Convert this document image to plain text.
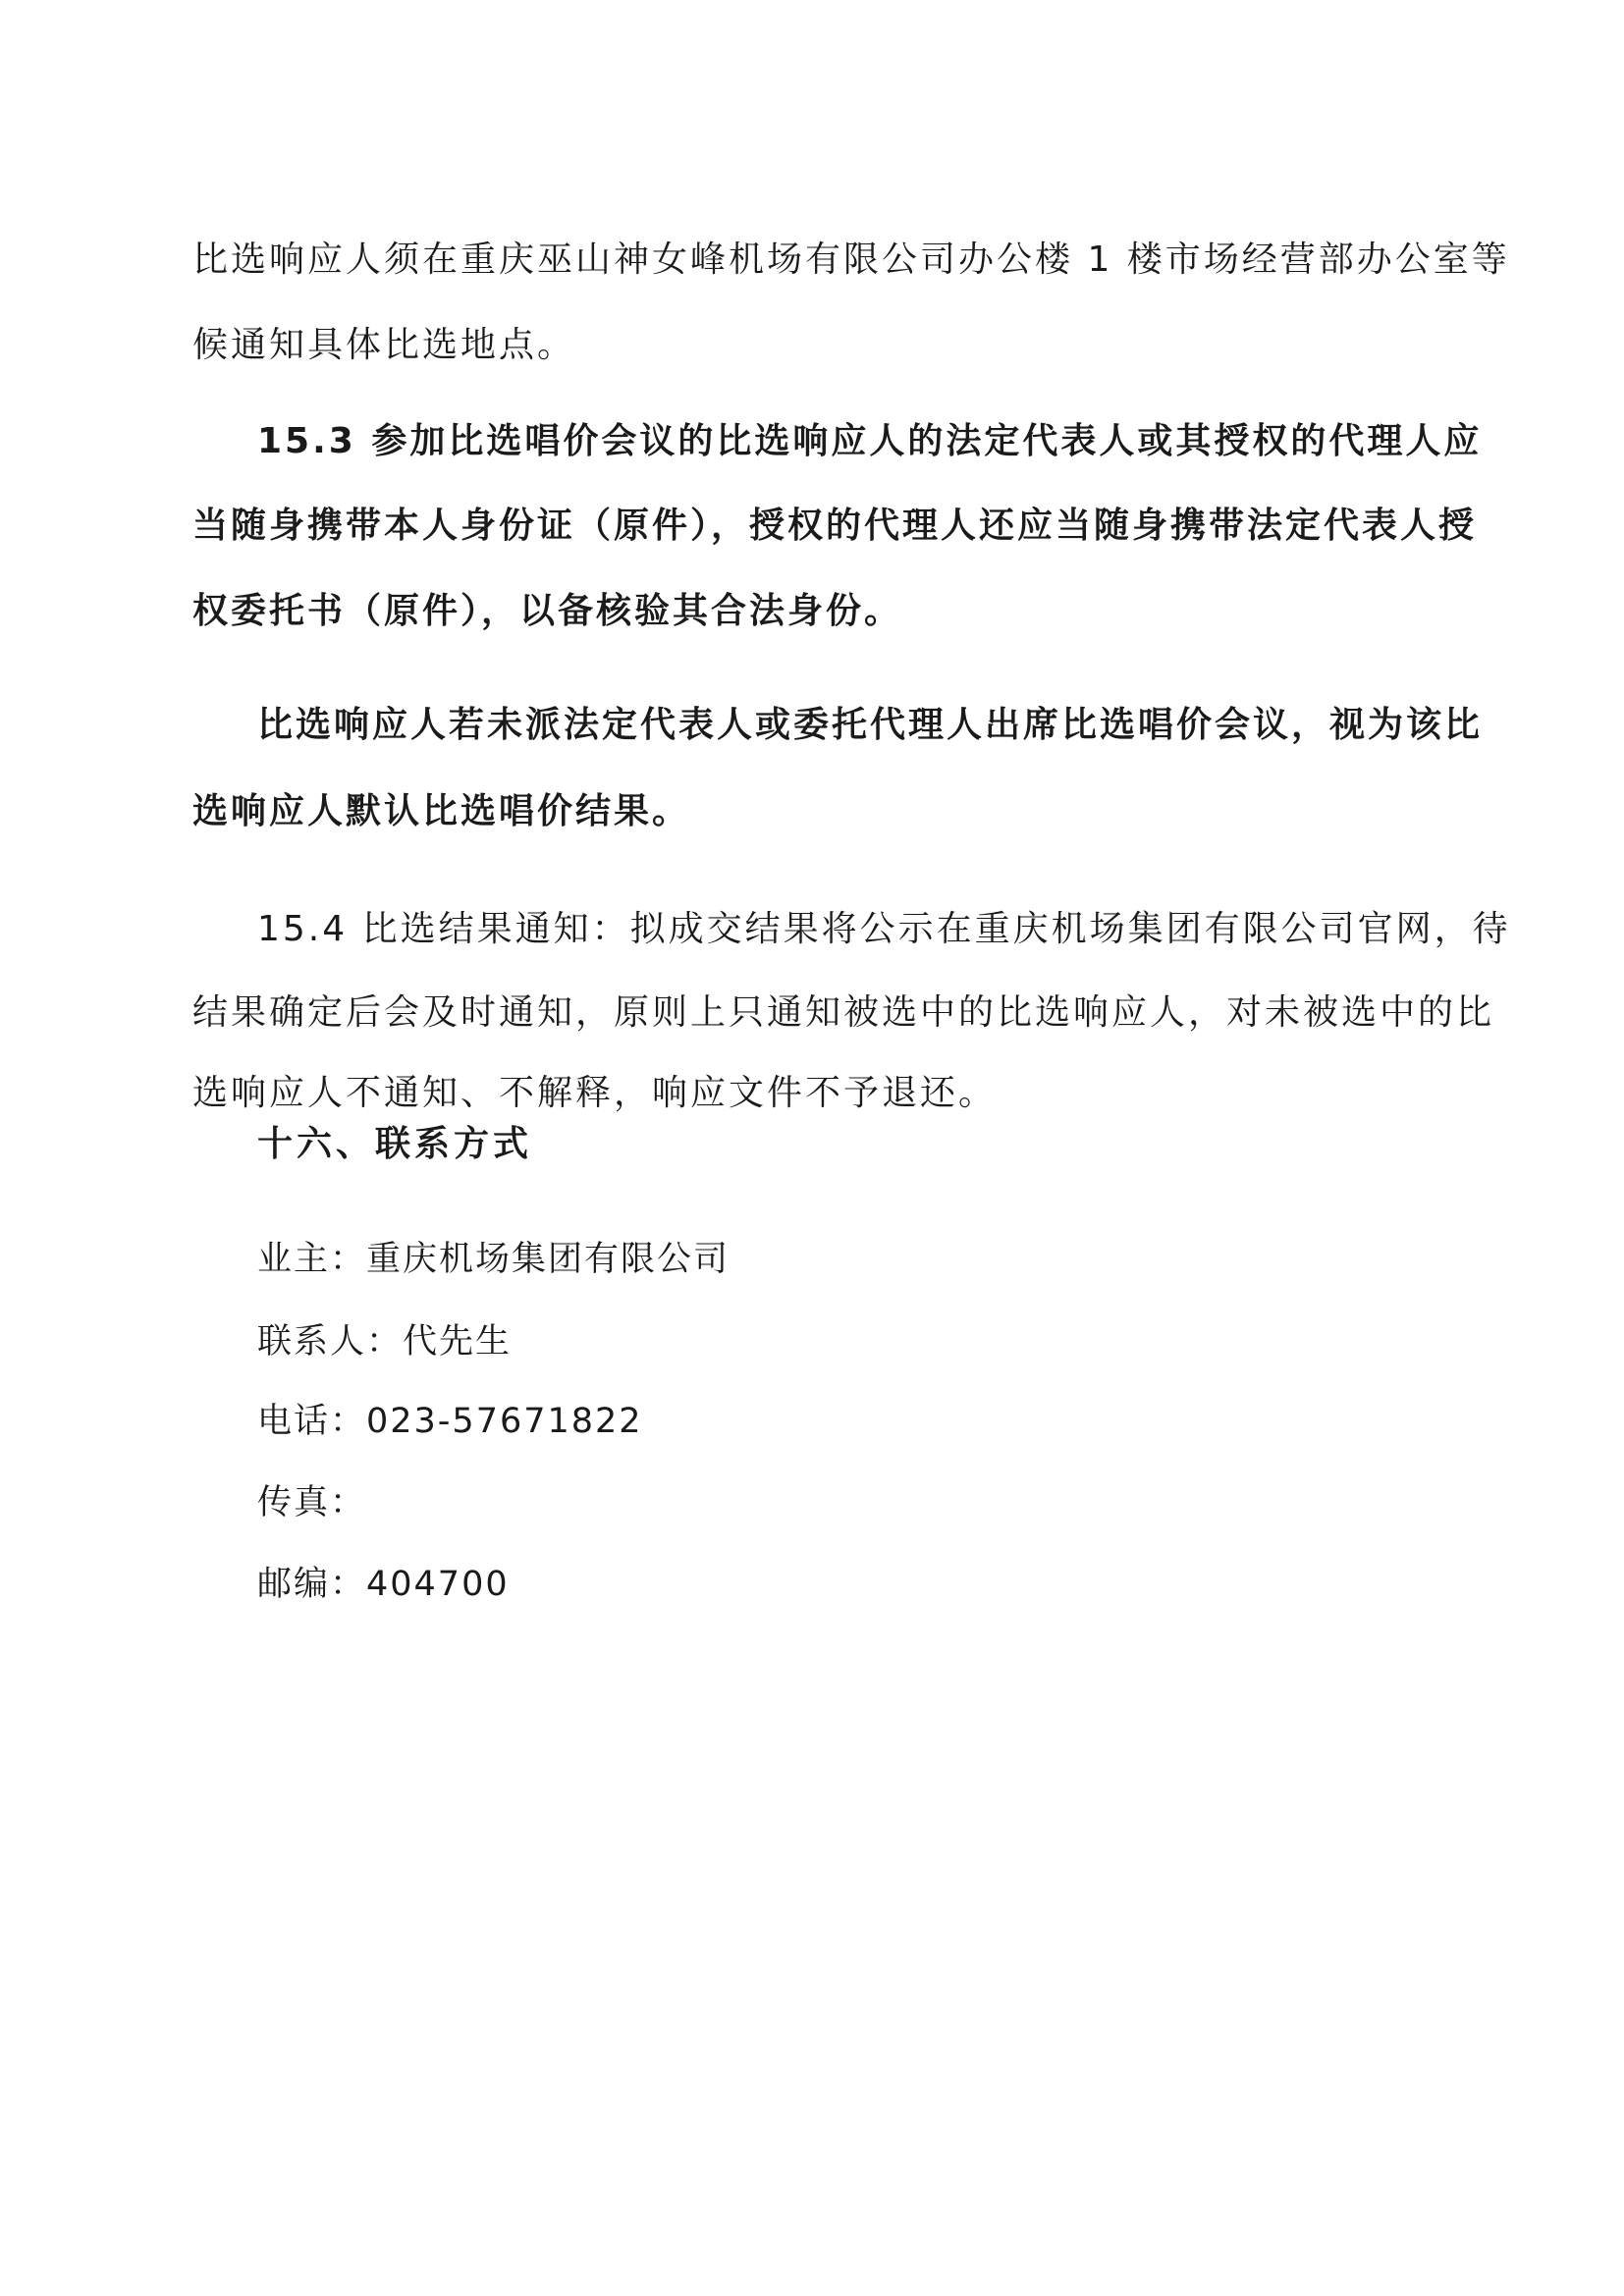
比选响应人须在重庆巫山神女峰机场有限公司办公楼 1 楼市场经营部办公室等
候通知具体比选地点。
15.3 参加比选唱价会议的比选响应人的法定代表人或其授权的代理人应
当随身携带本人身份证（原件），授权的代理人还应当随身携带法定代表人授
权委托书（原件），以备核验其合法身份。
比选响应人若未派法定代表人或委托代理人出席比选唱价会议，视为该比
选响应人默认比选唱价结果。
15.4 比选结果通知：拟成交结果将公示在重庆机场集团有限公司官网，待
结果确定后会及时通知，原则上只通知被选中的比选响应人，对未被选中的比
选响应人不通知、不解释，响应文件不予退还。
十六、联系方式
业主：重庆机场集团有限公司
联系人：代先生
电话：023-57671822
传真：
邮编：404700
